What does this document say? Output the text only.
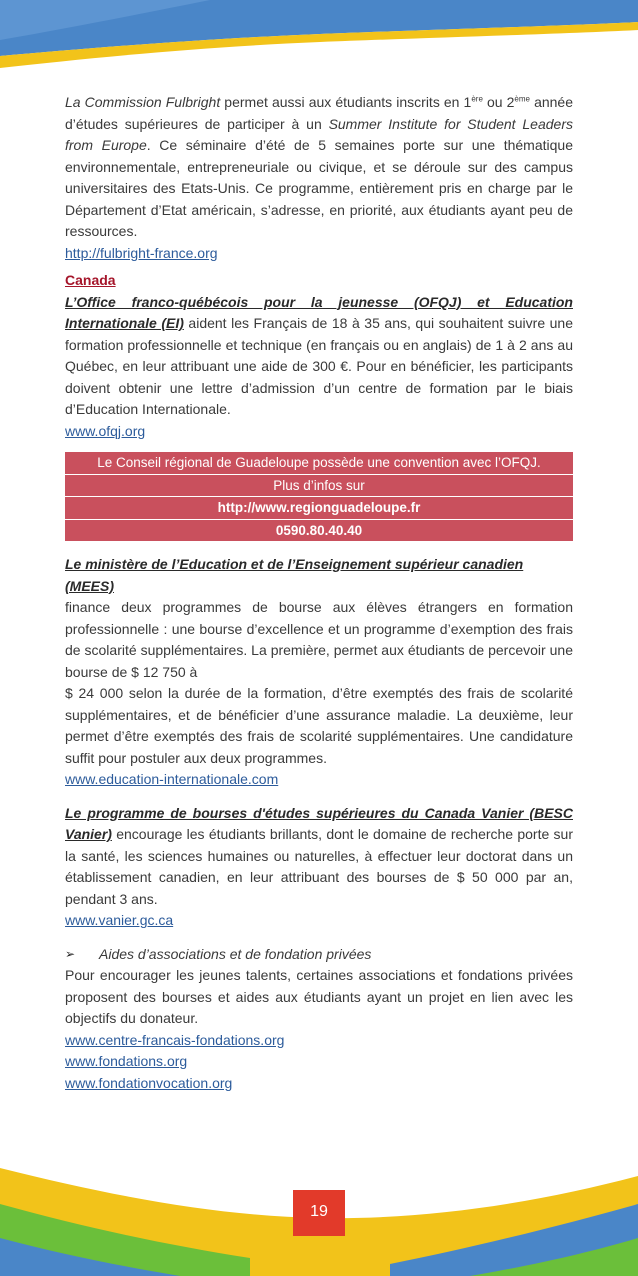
La Commission Fulbright permet aussi aux étudiants inscrits en 1ère ou 2ème année d’études supérieures de participer à un Summer Institute for Student Leaders from Europe. Ce séminaire d’été de 5 semaines porte sur une thématique environnementale, entrepreneuriale ou civique, et se déroule sur des campus universitaires des Etats-Unis. Ce programme, entièrement pris en charge par le Département d’Etat américain, s’adresse, en priorité, aux étudiants ayant peu de ressources.

http://fulbright-france.org

Canada

L’Office franco-québécois pour la jeunesse (OFQJ) et Education Internationale (EI) aident les Français de 18 à 35 ans, qui souhaitent suivre une formation professionnelle et technique (en français ou en anglais) de 1 à 2 ans au Québec, en leur attribuant une aide de 300 €. Pour en bénéficier, les participants doivent obtenir une lettre d’admission d’un centre de formation par le biais d’Education Internationale.

www.ofqj.org

Le Conseil régional de Guadeloupe possède une convention avec l’OFQJ.
Plus d’infos sur
http://www.regionguadeloupe.fr
0590.80.40.40

Le ministère de l’Education et de l’Enseignement supérieur canadien (MEES)

finance deux programmes de bourse aux élèves étrangers en formation professionnelle : une bourse d’excellence et un programme d’exemption des frais de scolarité supplémentaires. La première, permet aux étudiants de percevoir une bourse de $ 12 750 à

$ 24 000 selon la durée de la formation, d’être exemptés des frais de scolarité supplémentaires, et de bénéficier d’une assurance maladie. La deuxième, leur permet d’être exemptés des frais de scolarité supplémentaires. Une candidature suffit pour postuler aux deux programmes.

www.education-internationale.com

Le programme de bourses d'études supérieures du Canada Vanier (BESC Vanier) encourage les étudiants brillants, dont le domaine de recherche porte sur la santé, les sciences humaines ou naturelles, à effectuer leur doctorat dans un établissement canadien, en leur attribuant des bourses de $ 50 000 par an, pendant 3 ans.

www.vanier.gc.ca

➢ Aides d’associations et de fondation privées

Pour encourager les jeunes talents, certaines associations et fondations privées proposent des bourses et aides aux étudiants ayant un projet en lien avec les objectifs du donateur.

www.centre-francais-fondations.org

www.fondations.org

www.fondationvocation.org

19
